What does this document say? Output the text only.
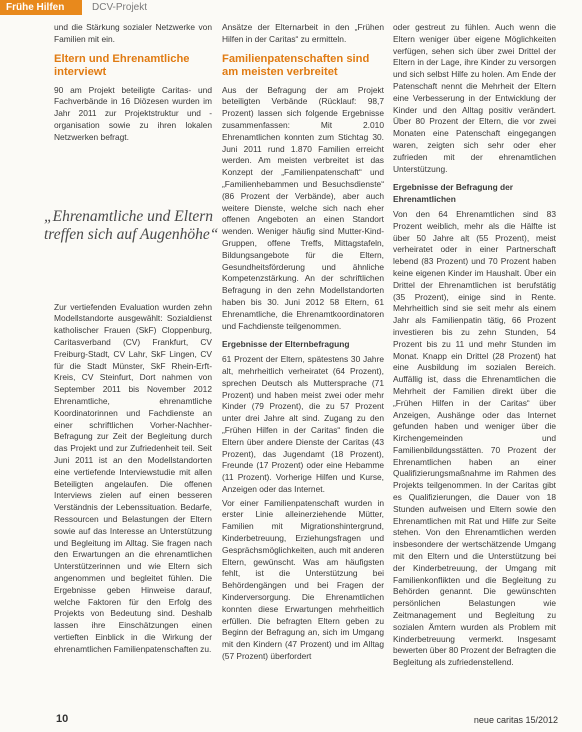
Frühe Hilfen	DCV-Projekt

und die Stärkung sozialer Netzwerke von Familien mit ein.

Eltern und Ehrenamtliche interviewt

90 am Projekt beteiligte Caritas- und Fachverbände in 16 Diözesen wurden im Jahr 2011 zur Projektstruktur und -organisation sowie zu ihren lokalen Netzwerken befragt.

„Ehrenamtliche und Eltern treffen sich auf Augenhöhe“

Zur vertiefenden Evaluation wurden zehn Modellstandorte ausgewählt: Sozialdienst katholischer Frauen (SkF) Cloppenburg, Caritasverband (CV) Frankfurt, CV Freiburg-Stadt, CV Lahr, SkF Lingen, CV für die Stadt Münster, SkF Rhein-Erft-Kreis, CV Steinfurt, Dort nahmen von September 2011 bis November 2012 Ehrenamtliche, ehrenamtliche Koordinatorinnen und Fachdienste an einer schriftlichen Vorher-Nachher-Befragung zur Zeit der Begleitung durch das Projekt und zur Zufriedenheit teil. Seit Juni 2011 ist an den Modellstandorten eine vertiefende Interviewstudie mit allen Beteiligten angelaufen. Die offenen Interviews zielen auf einen besseren Verständnis der Lebenssituation. Bedarfe, Ressourcen und Belastungen der Eltern sowie auf das Interesse an Unterstützung und Begleitung im Alltag. Sie fragen nach den Erwartungen an die ehrenamtlichen Unterstützerinnen und wie Eltern sich angenommen und begleitet fühlen. Die Ergebnisse geben Hinweise darauf, welche Faktoren für den Erfolg des Projekts von Bedeutung sind. Deshalb lassen ihre Einschätzungen einen vertieften Einblick in die Wirkung der ehrenamtlichen Familienpatenschaften zu.

Ansätze der Elternarbeit in den „Frühen Hilfen in der Caritas“ zu ermitteln.

Familienpatenschaften sind am meisten verbreitet

Aus der Befragung der am Projekt beteiligten Verbände (Rücklauf: 98,7 Prozent) lassen sich folgende Ergebnisse zusammenfassen: Mit 2.010 Ehrenamtlichen konnten zum Stichtag 30. Juni 2011 rund 1.870 Familien erreicht werden. Am meisten verbreitet ist das Konzept der „Familienpatenschaft“ und „Familienhebammen und Besuchsdienste“ (86 Prozent der Verbände), aber auch weitere Dienste, welche sich nach eher offenen Angeboten an einen Standort wenden. Weniger häufig sind Mutter-Kind-Gruppen, offene Treffs, Mittagstafeln, Bildungsangebote für die Eltern, Gesundheitsförderung und ähnliche Kompetenzstärkung. An der schriftlichen Befragung in den zehn Modellstandorten haben bis 30. Juni 2012 58 Eltern, 61 Ehrenamtliche, die Ehrenamtkoordinatoren und Fachdienste teilgenommen.

Ergebnisse der Elternbefragung

61 Prozent der Eltern, spätestens 30 Jahre alt, mehrheitlich verheiratet (64 Prozent), sprechen Deutsch als Muttersprache (71 Prozent) und haben meist zwei oder mehr Kinder (79 Prozent), die zu 57 Prozent unter drei Jahre alt sind. Zugang zu den „Frühen Hilfen in der Caritas“ finden die Eltern über andere Dienste der Caritas (43 Prozent), das Jugendamt (18 Prozent), Freunde (17 Prozent) oder eine Hebamme (11 Prozent). Vorherige Hilfen und Kurse, Anzeigen oder das Internet.

Vor einer Familienpatenschaft wurden in erster Linie alleinerziehende Mütter, Familien mit Migrationshintergrund, Kinderbetreuung, Erziehungsfragen und Gesprächsmöglichkeiten, auch mit anderen Eltern, gewünscht. Was am häufigsten fehlt, ist die Unterstützung bei Behördengängen und bei Fragen der Kinderversorgung. Die Ehrenamtlichen konnten diese Erwartungen mehrheitlich erfüllen. Die befragten Eltern geben zu Beginn der Befragung an, sich im Umgang mit den Kindern (47 Prozent) und im Alltag (57 Prozent) überfordert

oder gestreut zu fühlen. Auch wenn die Eltern weniger über eigene Möglichkeiten verfügen, sehen sich über zwei Drittel der Eltern in der Lage, ihre Kinder zu versorgen und sich selbst Hilfe zu holen. Am Ende der Patenschaft nennt die Mehrheit der Eltern eine Verbesserung in der Entwicklung der Kinder und den Alltag positiv verändert. Über 80 Prozent der Eltern, die vor zwei Monaten eine Patenschaft eingegangen waren, zeigten sich sehr oder eher zufrieden mit der ehrenamtlichen Unterstützung.

Ergebnisse der Befragung der Ehrenamtlichen

Von den 64 Ehrenamtlichen sind 83 Prozent weiblich, mehr als die Hälfte ist über 50 Jahre alt (55 Prozent), meist verheiratet oder in einer Partnerschaft lebend (83 Prozent) und 70 Prozent haben keine eigenen Kinder im Haushalt. Über ein Drittel der Ehrenamtlichen ist berufstätig (35 Prozent), einige sind in Rente. Mehrheitlich sind sie seit mehr als einem Jahr als Familienpatin tätig, 66 Prozent investieren bis zu zehn Stunden, 54 Prozent bis zu 11 und mehr Stunden im Monat. Knapp ein Drittel (28 Prozent) hat eine Ausbildung im sozialen Bereich. Auffällig ist, dass die Ehrenamtlichen die Mehrheit der Familien direkt über die „Frühen Hilfen in der Caritas“ über Anzeigen, Aushänge oder das Internet gefunden haben und weniger über die Kirchengemeinden und Familienbildungsstätten. 70 Prozent der Ehrenamtlichen haben an einer Qualifizierungsmaßnahme im Rahmen des Projekts teilgenommen. In der Caritas gibt es Qualifizierungen, die Dauer von 18 Stunden aufweisen und Eltern sowie den Ehrenamtlichen mit Rat und Hilfe zur Seite stehen. Von den Ehrenamtlichen werden insbesondere der wertschätzende Umgang mit den Eltern und die Unterstützung bei der Kinderbetreuung, der Umgang mit Familienkonflikten und die Begleitung zu Behörden genannt. Die gewünschten persönlichen Belastungen wie Zeitmanagement und Begleitung zu sozialen Ämtern wurden als Problem mit Kinderbetreuung vermerkt. Insgesamt bewerten über 80 Prozent der Befragten die Begleitung als zufriedenstellend.

10	neue caritas 15/2012
